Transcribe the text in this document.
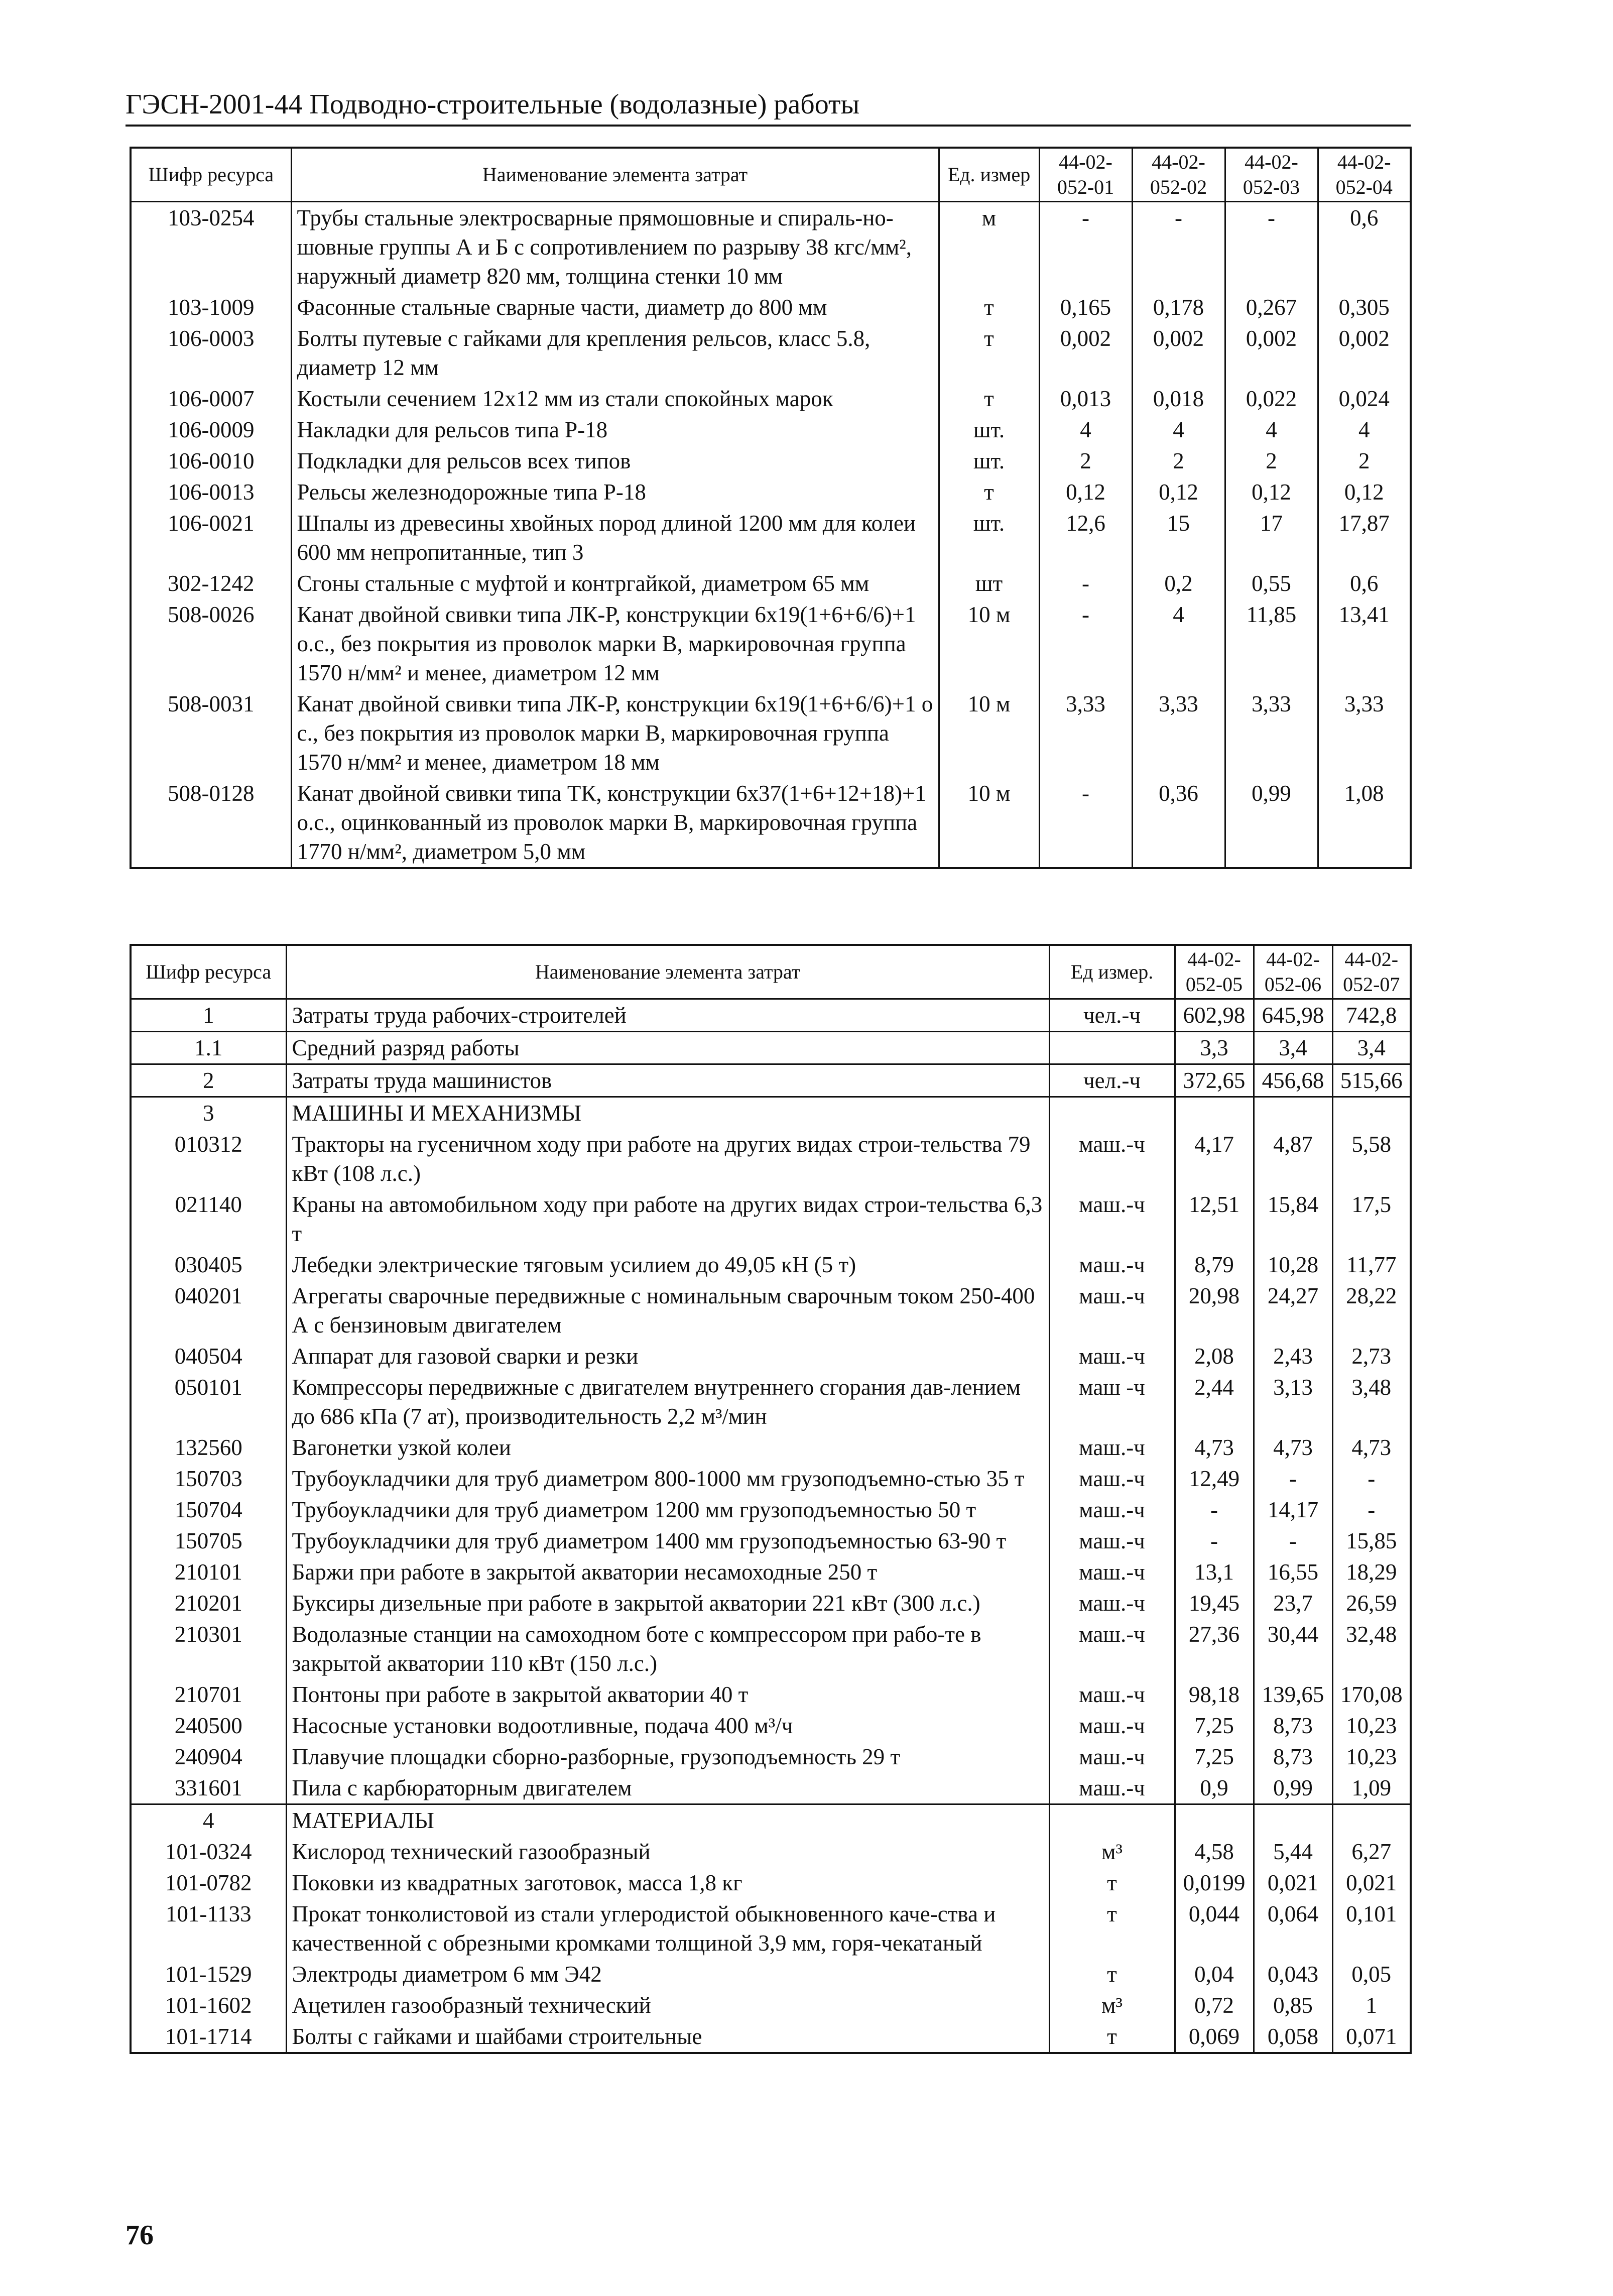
ГЭСН-2001-44 Подводно-строительные (водолазные) работы
Шифр ресурса	Наименование элемента затрат	Ед. измер	44-02-052-01	44-02-052-02	44-02-052-03	44-02-052-04
103-0254	Трубы стальные электросварные прямошовные и спираль-но-шовные группы А и Б с сопротивлением по разрыву 38 кгс/мм², наружный диаметр 820 мм, толщина стенки 10 мм	м	-	-	-	0,6
103-1009	Фасонные стальные сварные части, диаметр до 800 мм	т	0,165	0,178	0,267	0,305
106-0003	Болты путевые с гайками для крепления рельсов, класс 5.8, диаметр 12 мм	т	0,002	0,002	0,002	0,002
106-0007	Костыли сечением 12х12 мм из стали спокойных марок	т	0,013	0,018	0,022	0,024
106-0009	Накладки для рельсов типа Р-18	шт.	4	4	4	4
106-0010	Подкладки для рельсов всех типов	шт.	2	2	2	2
106-0013	Рельсы железнодорожные типа Р-18	т	0,12	0,12	0,12	0,12
106-0021	Шпалы из древесины хвойных пород длиной 1200 мм для колеи 600 мм непропитанные, тип 3	шт.	12,6	15	17	17,87
302-1242	Сгоны стальные с муфтой и контргайкой, диаметром 65 мм	шт	-	0,2	0,55	0,6
508-0026	Канат двойной свивки типа ЛК-Р, конструкции 6х19(1+6+6/6)+1 о.с., без покрытия из проволок марки В, маркировочная группа 1570 н/мм² и менее, диаметром 12 мм	10 м	-	4	11,85	13,41
508-0031	Канат двойной свивки типа ЛК-Р, конструкции 6х19(1+6+6/6)+1 о с., без покрытия из проволок марки В, маркировочная группа 1570 н/мм² и менее, диаметром 18 мм	10 м	3,33	3,33	3,33	3,33
508-0128	Канат двойной свивки типа ТК, конструкции 6х37(1+6+12+18)+1 о.с., оцинкованный из проволок марки В, маркировочная группа 1770 н/мм², диаметром 5,0 мм	10 м	-	0,36	0,99	1,08
Шифр ресурса	Наименование элемента затрат	Ед измер.	44-02-052-05	44-02-052-06	44-02-052-07
1	Затраты труда рабочих-строителей	чел.-ч	602,98	645,98	742,8
1.1	Средний разряд работы		3,3	3,4	3,4
2	Затраты труда машинистов	чел.-ч	372,65	456,68	515,66
3	МАШИНЫ И МЕХАНИЗМЫ				
010312	Тракторы на гусеничном ходу при работе на других видах строи-тельства 79 кВт (108 л.с.)	маш.-ч	4,17	4,87	5,58
021140	Краны на автомобильном ходу при работе на других видах строи-тельства 6,3 т	маш.-ч	12,51	15,84	17,5
030405	Лебедки электрические тяговым усилием до 49,05 кН (5 т)	маш.-ч	8,79	10,28	11,77
040201	Агрегаты сварочные передвижные с номинальным сварочным током 250-400 А с бензиновым двигателем	маш.-ч	20,98	24,27	28,22
040504	Аппарат для газовой сварки и резки	маш.-ч	2,08	2,43	2,73
050101	Компрессоры передвижные с двигателем внутреннего сгорания дав-лением до 686 кПа (7 ат), производительность 2,2 м³/мин	маш -ч	2,44	3,13	3,48
132560	Вагонетки узкой колеи	маш.-ч	4,73	4,73	4,73
150703	Трубоукладчики для труб диаметром 800-1000 мм грузоподъемно-стью 35 т	маш.-ч	12,49	-	-
150704	Трубоукладчики для труб диаметром 1200 мм грузоподъемностью 50 т	маш.-ч	-	14,17	-
150705	Трубоукладчики для труб диаметром 1400 мм грузоподъемностью 63-90 т	маш.-ч	-	-	15,85
210101	Баржи при работе в закрытой акватории несамоходные 250 т	маш.-ч	13,1	16,55	18,29
210201	Буксиры дизельные при работе в закрытой акватории 221 кВт (300 л.с.)	маш.-ч	19,45	23,7	26,59
210301	Водолазные станции на самоходном боте с компрессором при рабо-те в закрытой акватории 110 кВт (150 л.с.)	маш.-ч	27,36	30,44	32,48
210701	Понтоны при работе в закрытой акватории 40 т	маш.-ч	98,18	139,65	170,08
240500	Насосные установки водоотливные, подача 400 м³/ч	маш.-ч	7,25	8,73	10,23
240904	Плавучие площадки сборно-разборные, грузоподъемность 29 т	маш.-ч	7,25	8,73	10,23
331601	Пила с карбюраторным двигателем	маш.-ч	0,9	0,99	1,09
4	МАТЕРИАЛЫ				
101-0324	Кислород технический газообразный	м³	4,58	5,44	6,27
101-0782	Поковки из квадратных заготовок, масса 1,8 кг	т	0,0199	0,021	0,021
101-1133	Прокат тонколистовой из стали углеродистой обыкновенного каче-ства и качественной с обрезными кромками толщиной 3,9 мм, горя-чекатаный	т	0,044	0,064	0,101
101-1529	Электроды диаметром 6 мм Э42	т	0,04	0,043	0,05
101-1602	Ацетилен газообразный технический	м³	0,72	0,85	1
101-1714	Болты с гайками и шайбами строительные	т	0,069	0,058	0,071
76
